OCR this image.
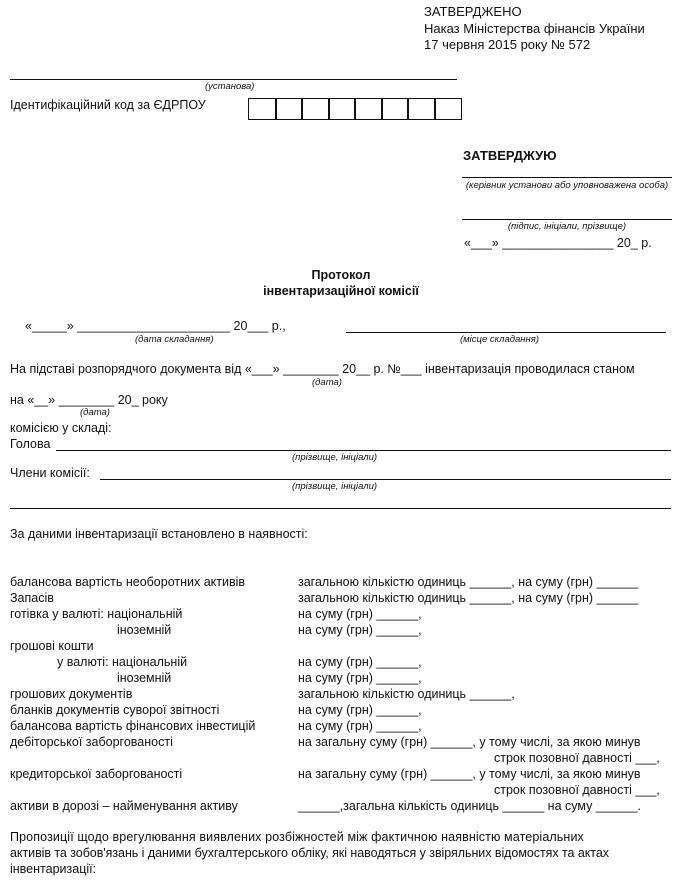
ЗАТВЕРДЖЕНО
Наказ Міністерства фінансів України
17 червня 2015 року № 572
(установа)
Ідентифікаційний код за ЄДРПОУ
ЗАТВЕРДЖУЮ
(керівник установи або уповноважена особа)
(підпис, ініціали, прізвище)
«___» ________________ 20_ р.
Протокол
інвентаризаційної комісії
«_____» ______________________ 20___ р.,
(дата складання)	(місце складання)
На підставі розпорядчого документа від «___» ________ 20__ р. №___ інвентаризація проводилася станом
(дата)
на «__» ________ 20_ року
(дата)
комісією у складі:
Голова
(прізвище, ініціали)
Члени комісії:
(прізвище, ініціали)
За даними інвентаризації встановлено в наявності:
балансова вартість необоротних активів	загальною кількістю одиниць ______, на суму (грн) ______
Запасів	загальною кількістю одиниць ______, на суму (грн) ______
готівка у валюті: національній	на суму (грн) ______,
іноземній	на суму (грн) ______,
грошові кошти
у валюті: національній	на суму (грн) ______,
іноземній	на суму (грн) ______,
грошових документів	загальною кількістю одиниць ______,
бланків документів суворої звітності	на суму (грн) ______,
балансова вартість фінансових інвестицій	на суму (грн) ______,
дебіторської заборгованості	на загальну суму (грн) ______, у тому числі, за якою минув
строк позовної давності ___,
кредиторської заборгованості	на загальну суму (грн) ______, у тому числі, за якою минув
строк позовної давності ___,
активи в дорозі – найменування активу	______,загальна кількість одиниць ______ на суму ______.
Пропозиції щодо врегулювання виявлених розбіжностей між фактичною наявністю матеріальних
активів та зобов'язань і даними бухгалтерського обліку, які наводяться у звіряльних відомостях та актах
інвентаризації:
